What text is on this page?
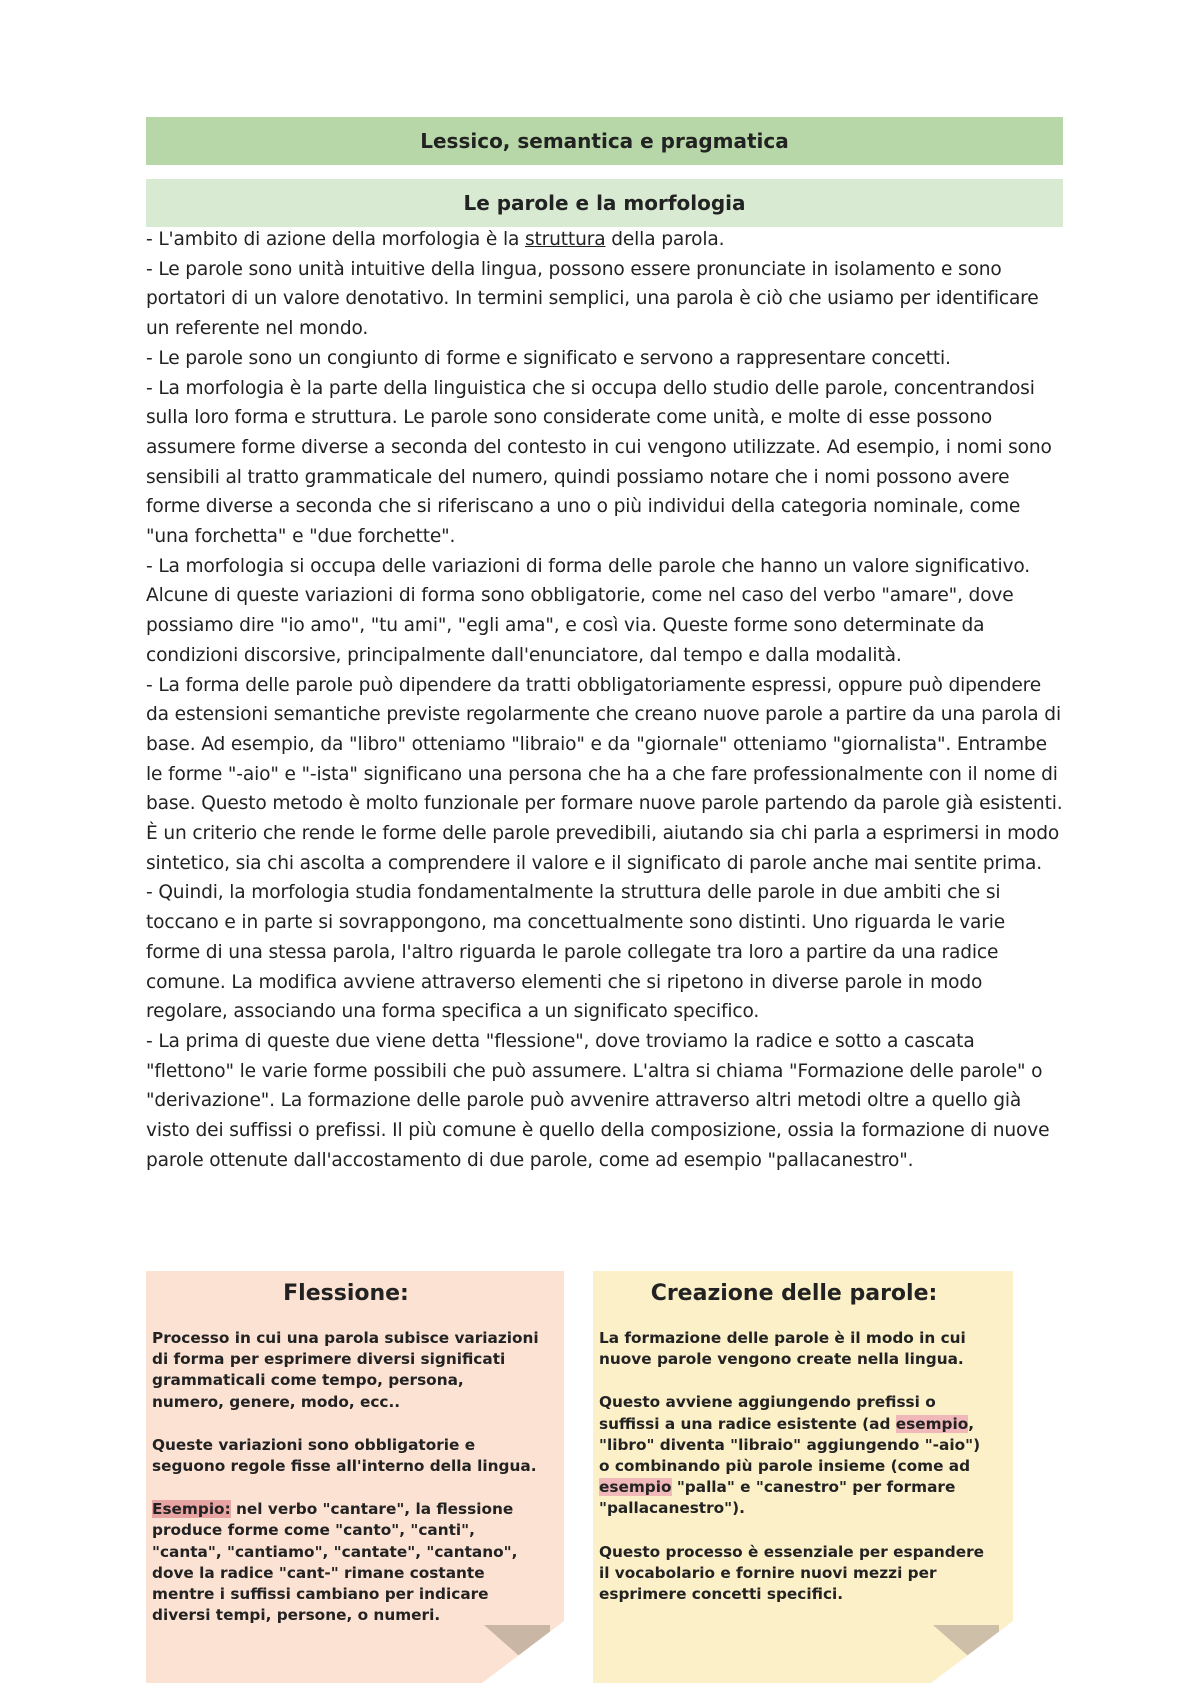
Lessico, semantica e pragmatica
Le parole e la morfologia

- L'ambito di azione della morfologia è la struttura della parola.

- Le parole sono unità intuitive della lingua, possono essere pronunciate in isolamento e sono portatori di un valore denotativo. In termini semplici, una parola è ciò che usiamo per identificare un referente nel mondo.

- Le parole sono un congiunto di forme e significato e servono a rappresentare concetti.

- La morfologia è la parte della linguistica che si occupa dello studio delle parole, concentrandosi sulla loro forma e struttura. Le parole sono considerate come unità, e molte di esse possono assumere forme diverse a seconda del contesto in cui vengono utilizzate. Ad esempio, i nomi sono sensibili al tratto grammaticale del numero, quindi possiamo notare che i nomi possono avere forme diverse a seconda che si riferiscano a uno o più individui della categoria nominale, come "una forchetta" e "due forchette".

- La morfologia si occupa delle variazioni di forma delle parole che hanno un valore significativo. Alcune di queste variazioni di forma sono obbligatorie, come nel caso del verbo "amare", dove possiamo dire "io amo", "tu ami", "egli ama", e così via. Queste forme sono determinate da condizioni discorsive, principalmente dall'enunciatore, dal tempo e dalla modalità.

- La forma delle parole può dipendere da tratti obbligatoriamente espressi, oppure può dipendere da estensioni semantiche previste regolarmente che creano nuove parole a partire da una parola di base. Ad esempio, da "libro" otteniamo "libraio" e da "giornale" otteniamo "giornalista". Entrambe le forme "-aio" e "-ista" significano una persona che ha a che fare professionalmente con il nome di base. Questo metodo è molto funzionale per formare nuove parole partendo da parole già esistenti. È un criterio che rende le forme delle parole prevedibili, aiutando sia chi parla a esprimersi in modo sintetico, sia chi ascolta a comprendere il valore e il significato di parole anche mai sentite prima.

- Quindi, la morfologia studia fondamentalmente la struttura delle parole in due ambiti che si toccano e in parte si sovrappongono, ma concettualmente sono distinti. Uno riguarda le varie forme di una stessa parola, l'altro riguarda le parole collegate tra loro a partire da una radice comune. La modifica avviene attraverso elementi che si ripetono in diverse parole in modo regolare, associando una forma specifica a un significato specifico.

- La prima di queste due viene detta "flessione", dove troviamo la radice e sotto a cascata "flettono" le varie forme possibili che può assumere. L'altra si chiama "Formazione delle parole" o "derivazione". La formazione delle parole può avvenire attraverso altri metodi oltre a quello già visto dei suffissi o prefissi. Il più comune è quello della composizione, ossia la formazione di nuove parole ottenute dall'accostamento di due parole, come ad esempio "pallacanestro".

Flessione:

Processo in cui una parola subisce variazioni di forma per esprimere diversi significati grammaticali come tempo, persona, numero, genere, modo, ecc..

Queste variazioni sono obbligatorie e seguono regole fisse all'interno della lingua.

Esempio: nel verbo "cantare", la flessione produce forme come "canto", "canti", "canta", "cantiamo", "cantate", "cantano", dove la radice "cant-" rimane costante mentre i suffissi cambiano per indicare diversi tempi, persone, o numeri.

Creazione delle parole:

La formazione delle parole è il modo in cui nuove parole vengono create nella lingua.

Questo avviene aggiungendo prefissi o suffissi a una radice esistente (ad esempio, "libro" diventa "libraio" aggiungendo "-aio") o combinando più parole insieme (come ad esempio "palla" e "canestro" per formare "pallacanestro").

Questo processo è essenziale per espandere il vocabolario e fornire nuovi mezzi per esprimere concetti specifici.
